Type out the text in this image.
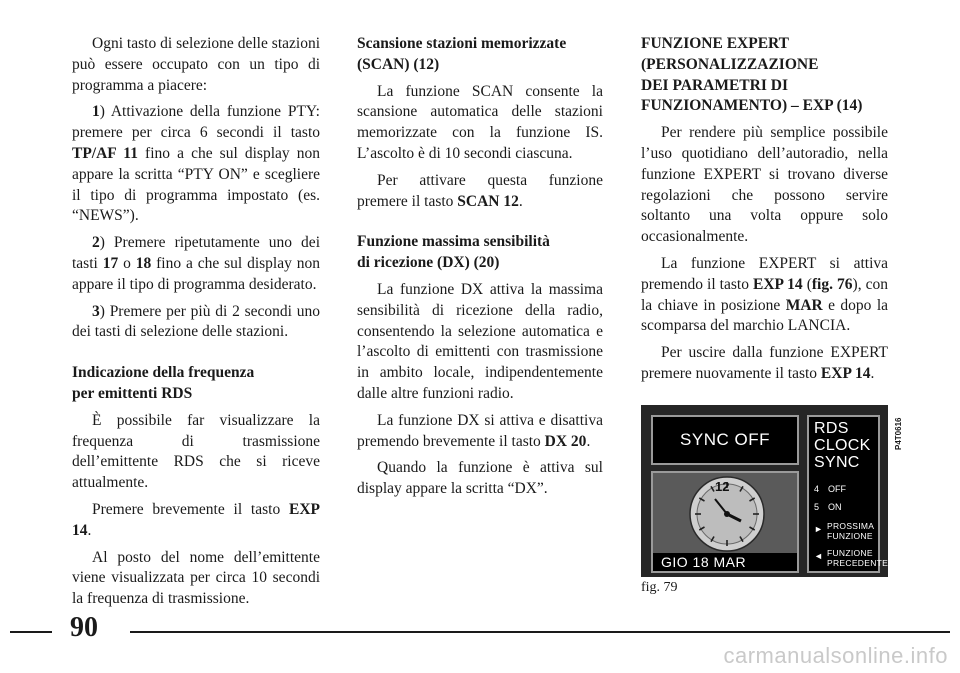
Ogni tasto di selezione delle stazioni può essere occupato con un tipo di programma a piacere:

1) Attivazione della funzione PTY: premere per circa 6 secondi il tasto TP/AF 11 fino a che sul display non appare la scritta “PTY ON” e scegliere il tipo di programma impostato (es. “NEWS”).

2) Premere ripetutamente uno dei tasti 17 o 18 fino a che sul display non appare il tipo di programma desiderato.

3) Premere per più di 2 secondi uno dei tasti di selezione delle stazioni.

Indicazione della frequenza
per emittenti RDS

È possibile far visualizzare la frequenza di trasmissione dell’emittente RDS che si riceve attualmente.

Premere brevemente il tasto EXP 14.

Al posto del nome dell’emittente viene visualizzata per circa 10 secondi la frequenza di trasmissione.

Scansione stazioni memorizzate
(SCAN) (12)

La funzione SCAN consente la scansione automatica delle stazioni memorizzate con la funzione IS. L’ascolto è di 10 secondi ciascuna.

Per attivare questa funzione premere il tasto SCAN 12.

Funzione massima sensibilità
di ricezione (DX) (20)

La funzione DX attiva la massima sensibilità di ricezione della radio, consentendo la selezione automatica e l’ascolto di emittenti con trasmissione in ambito locale, indipendentemente dalle altre funzioni radio.

La funzione DX si attiva e disattiva premendo brevemente il tasto DX 20.

Quando la funzione è attiva sul display appare la scritta “DX”.

FUNZIONE EXPERT
(PERSONALIZZAZIONE
DEI PARAMETRI DI
FUNZIONAMENTO) – EXP (14)

Per rendere più semplice possibile l’uso quotidiano dell’autoradio, nella funzione EXPERT si trovano diverse regolazioni che possono servire soltanto una volta oppure solo occasionalmente.

La funzione EXPERT si attiva premendo il tasto EXP 14 (fig. 76), con la chiave in posizione MAR e dopo la scomparsa del marchio LANCIA.

Per uscire dalla funzione EXPERT premere nuovamente il tasto EXP 14.

SYNC OFF
12
GIO 18 MAR
RDS
CLOCK
SYNC
4 OFF
5 ON
► PROSSIMA
FUNZIONE
◄ FUNZIONE
PRECEDENTE
P4T0616
fig. 79
90
carmanualsonline.info
